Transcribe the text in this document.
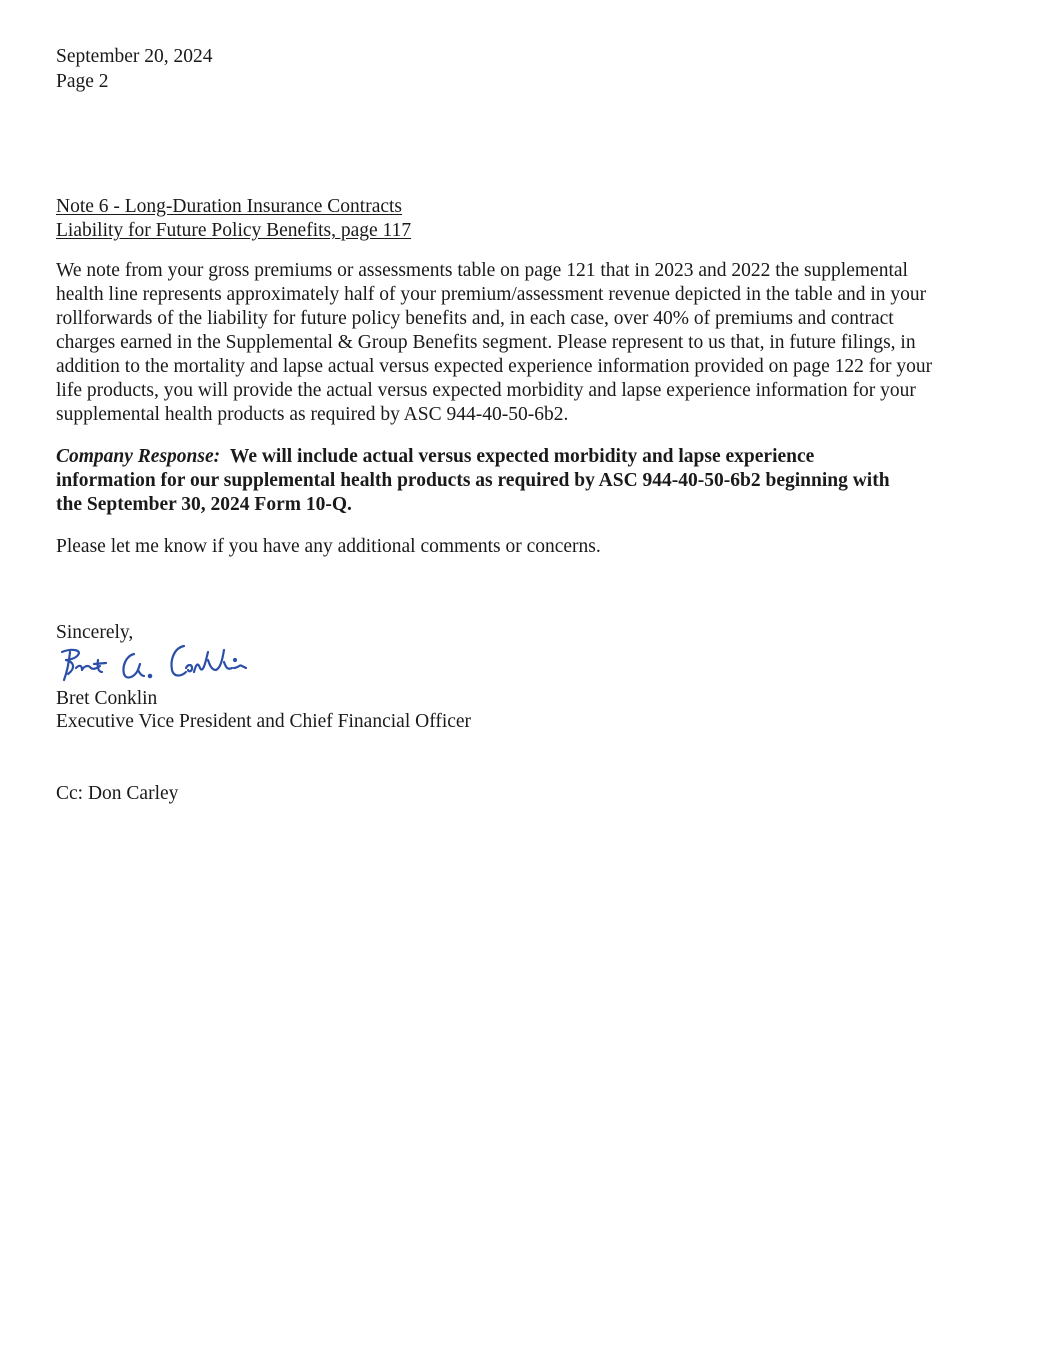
September 20, 2024
Page 2
Note 6 - Long-Duration Insurance Contracts
Liability for Future Policy Benefits, page 117
We note from your gross premiums or assessments table on page 121 that in 2023 and 2022 the supplemental
health line represents approximately half of your premium/assessment revenue depicted in the table and in your
rollforwards of the liability for future policy benefits and, in each case, over 40% of premiums and contract
charges earned in the Supplemental & Group Benefits segment. Please represent to us that, in future filings, in
addition to the mortality and lapse actual versus expected experience information provided on page 122 for your
life products, you will provide the actual versus expected morbidity and lapse experience information for your
supplemental health products as required by ASC 944-40-50-6b2.
Company Response: We will include actual versus expected morbidity and lapse experience
information for our supplemental health products as required by ASC 944-40-50-6b2 beginning with
the September 30, 2024 Form 10-Q.
Please let me know if you have any additional comments or concerns.
Sincerely,
Bret Conklin
Executive Vice President and Chief Financial Officer
Cc: Don Carley
